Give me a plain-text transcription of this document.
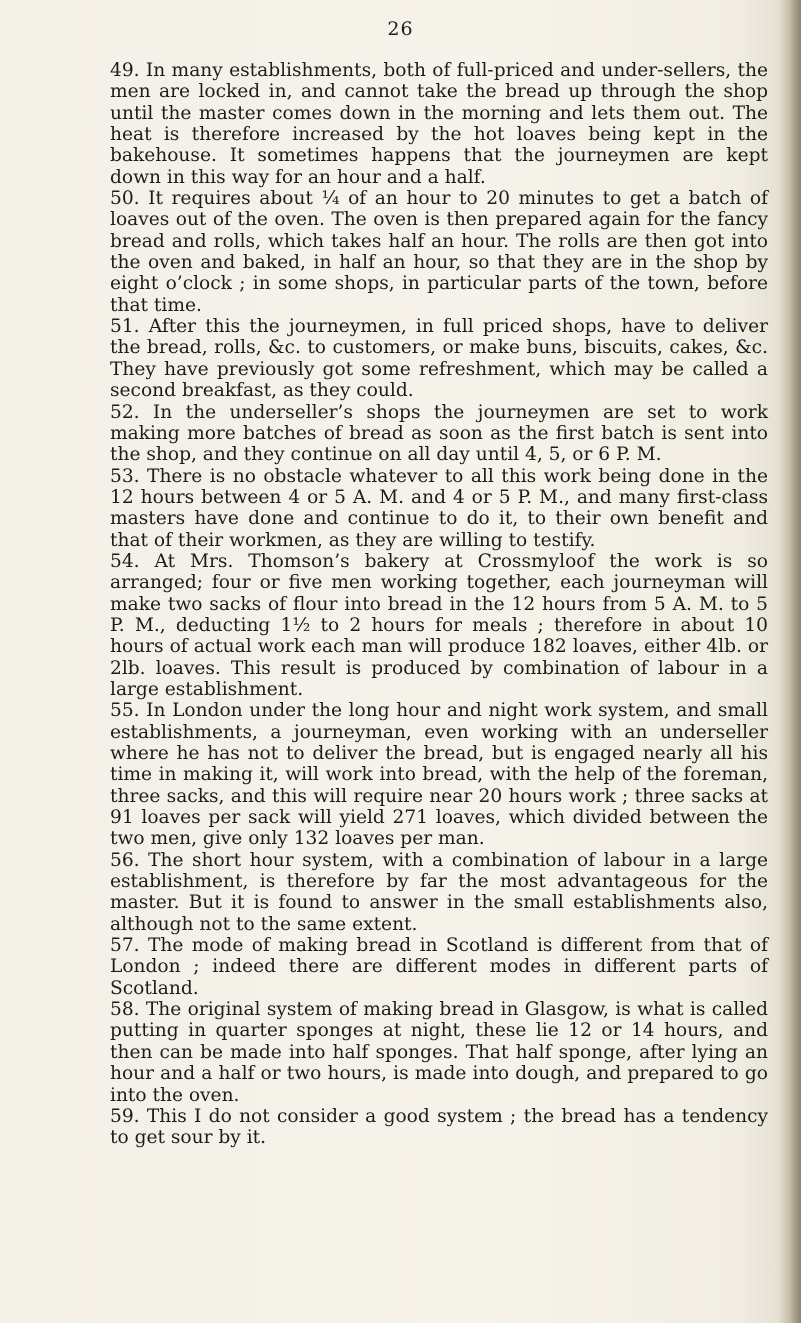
26

49. In many establishments, both of full-priced and under-sellers, the men are locked in, and cannot take the bread up through the shop until the master comes down in the morning and lets them out. The heat is therefore increased by the hot loaves being kept in the bakehouse. It sometimes happens that the journeymen are kept down in this way for an hour and a half.

50. It requires about ¼ of an hour to 20 minutes to get a batch of loaves out of the oven. The oven is then prepared again for the fancy bread and rolls, which takes half an hour. The rolls are then got into the oven and baked, in half an hour, so that they are in the shop by eight o’clock ; in some shops, in particular parts of the town, before that time.

51. After this the journeymen, in full priced shops, have to deliver the bread, rolls, &c. to customers, or make buns, biscuits, cakes, &c. They have previously got some refreshment, which may be called a second breakfast, as they could.

52. In the underseller’s shops the journeymen are set to work making more batches of bread as soon as the first batch is sent into the shop, and they continue on all day until 4, 5, or 6 P. M.

53. There is no obstacle whatever to all this work being done in the 12 hours between 4 or 5 A. M. and 4 or 5 P. M., and many first-class masters have done and continue to do it, to their own benefit and that of their workmen, as they are willing to testify.

54. At Mrs. Thomson’s bakery at Crossmyloof the work is so arranged; four or five men working together, each journeyman will make two sacks of flour into bread in the 12 hours from 5 A. M. to 5 P. M., deducting 1½ to 2 hours for meals ; therefore in about 10 hours of actual work each man will produce 182 loaves, either 4lb. or 2lb. loaves. This result is produced by combination of labour in a large establishment.

55. In London under the long hour and night work system, and small establishments, a journeyman, even working with an underseller where he has not to deliver the bread, but is engaged nearly all his time in making it, will work into bread, with the help of the foreman, three sacks, and this will require near 20 hours work ; three sacks at 91 loaves per sack will yield 271 loaves, which divided between the two men, give only 132 loaves per man.

56. The short hour system, with a combination of labour in a large establishment, is therefore by far the most advantageous for the master. But it is found to answer in the small establishments also, although not to the same extent.

57. The mode of making bread in Scotland is different from that of London ; indeed there are different modes in different parts of Scotland.

58. The original system of making bread in Glasgow, is what is called putting in quarter sponges at night, these lie 12 or 14 hours, and then can be made into half sponges. That half sponge, after lying an hour and a half or two hours, is made into dough, and prepared to go into the oven.

59. This I do not consider a good system ; the bread has a tendency to get sour by it.
